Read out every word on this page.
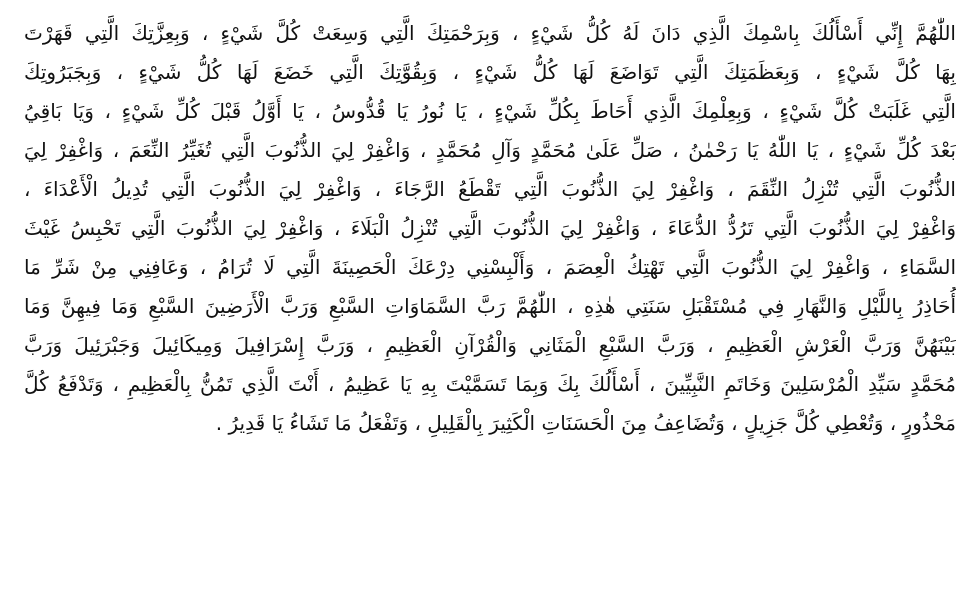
اللّٰهُمَّ إِنِّي أَسْأَلُكَ بِاسْمِكَ الَّذِي دَانَ لَهُ كُلُّ شَيْءٍ ، وَبِرَحْمَتِكَ الَّتِي وَسِعَتْ كُلَّ شَيْءٍ ، وَبِعِزَّتِكَ الَّتِي قَهَرْتَ
بِهَا كُلَّ شَيْءٍ ، وَبِعَظَمَتِكَ الَّتِي تَوَاضَعَ لَهَا كُلُّ شَيْءٍ ، وَبِقُوَّتِكَ الَّتِي خَضَعَ لَهَا كُلُّ شَيْءٍ ، وَبِجَبَرُوتِكَ
الَّتِي غَلَبَتْ كُلَّ شَيْءٍ ، وَبِعِلْمِكَ الَّذِي أَحَاطَ بِكُلِّ شَيْءٍ ، يَا نُورُ يَا قُدُّوسُ ، يَا أَوَّلُ قَبْلَ كُلِّ شَيْءٍ ، وَيَا بَاقِيُ
بَعْدَ كُلِّ شَيْءٍ ، يَا اللّٰهُ يَا رَحْمٰنُ ، صَلِّ عَلَىٰ مُحَمَّدٍ وَآلِ مُحَمَّدٍ ، وَاغْفِرْ لِيَ الذُّنُوبَ الَّتِي تُغَيِّرُ النِّعَمَ ، وَاغْفِرْ لِيَ
الذُّنُوبَ الَّتِي تُنْزِلُ النِّقَمَ ، وَاغْفِرْ لِيَ الذُّنُوبَ الَّتِي تَقْطَعُ الرَّجَاءَ ، وَاغْفِرْ لِيَ الذُّنُوبَ الَّتِي تُدِيلُ الْأَعْدَاءَ ،
وَاغْفِرْ لِيَ الذُّنُوبَ الَّتِي تَرُدُّ الدُّعَاءَ ، وَاغْفِرْ لِيَ الذُّنُوبَ الَّتِي تُنْزِلُ الْبَلَاءَ ، وَاغْفِرْ لِيَ الذُّنُوبَ الَّتِي تَحْبِسُ غَيْثَ
السَّمَاءِ ، وَاغْفِرْ لِيَ الذُّنُوبَ الَّتِي تَهْتِكُ الْعِصَمَ ، وَأَلْبِسْنِي دِرْعَكَ الْحَصِينَةَ الَّتِي لَا تُرَامُ ، وَعَافِنِي مِنْ شَرِّ مَا
أُحَاذِرُ بِاللَّيْلِ وَالنَّهَارِ فِي مُسْتَقْبَلِ سَنَتِي هٰذِهِ ، اللّٰهُمَّ رَبَّ السَّمَاوَاتِ السَّبْعِ وَرَبَّ الْأَرَضِينَ السَّبْعِ وَمَا فِيهِنَّ وَمَا
بَيْنَهُنَّ وَرَبَّ الْعَرْشِ الْعَظِيمِ ، وَرَبَّ السَّبْعِ الْمَثَانِي وَالْقُرْآنِ الْعَظِيمِ ، وَرَبَّ إِسْرَافِيلَ وَمِيكَائِيلَ وَجَبْرَئِيلَ وَرَبَّ
مُحَمَّدٍ سَيِّدِ الْمُرْسَلِينَ وَخَاتَمِ النَّبِيِّينَ ، أَسْأَلُكَ بِكَ وَبِمَا تَسَمَّيْتَ بِهِ يَا عَظِيمُ ، أَنْتَ الَّذِي تَمُنُّ بِالْعَظِيمِ ، وَتَدْفَعُ كُلَّ
مَحْذُورٍ ، وَتُعْطِي كُلَّ جَزِيلٍ ، وَتُضَاعِفُ مِنَ الْحَسَنَاتِ الْكَثِيرَ بِالْقَلِيلِ ، وَتَفْعَلُ مَا تَشَاءُ يَا قَدِيرُ .
